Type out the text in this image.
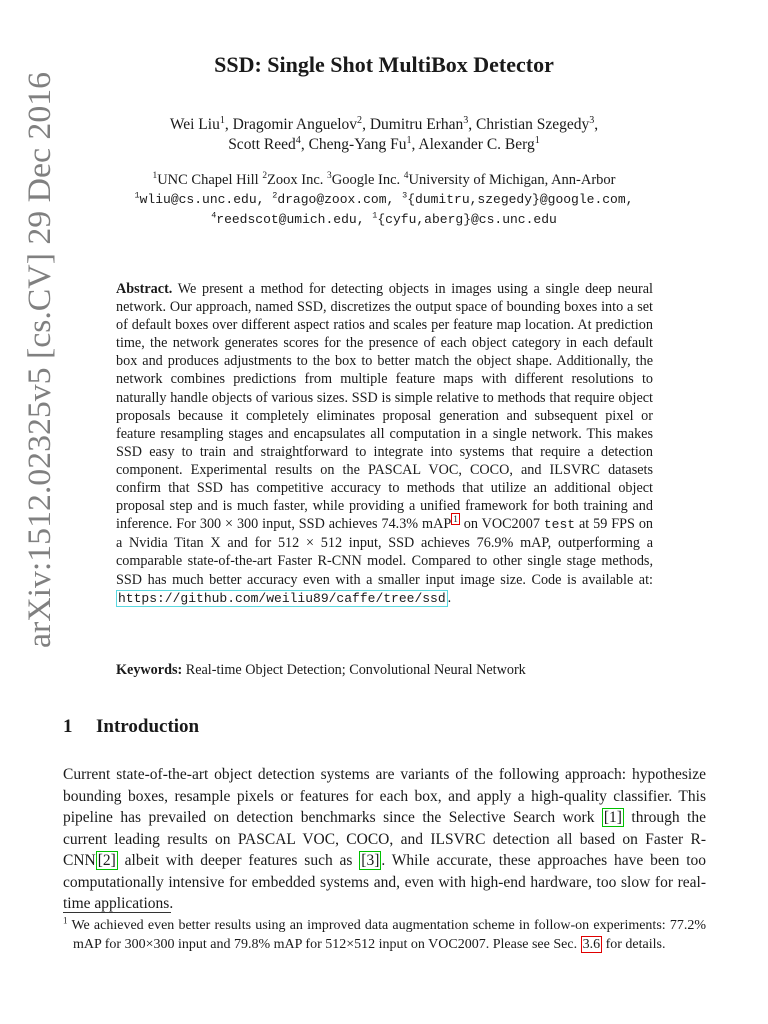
arXiv:1512.02325v5 [cs.CV] 29 Dec 2016
SSD: Single Shot MultiBox Detector
Wei Liu$^1$, Dragomir Anguelov$^2$, Dumitru Erhan$^3$, Christian Szegedy$^3$,
Scott Reed$^4$, Cheng-Yang Fu$^1$, Alexander C. Berg$^1$
$^1$UNC Chapel Hill $^2$Zoox Inc. $^3$Google Inc. $^4$University of Michigan, Ann-Arbor
$^1$wliu@cs.unc.edu, $^2$drago@zoox.com, $^3${dumitru,szegedy}@google.com,
$^4$reedscot@umich.edu, $^1${cyfu,aberg}@cs.unc.edu
Abstract. We present a method for detecting objects in images using a single deep neural network. Our approach, named SSD, discretizes the output space of bounding boxes into a set of default boxes over different aspect ratios and scales per feature map location. At prediction time, the network generates scores for the presence of each object category in each default box and produces adjustments to the box to better match the object shape. Additionally, the network combines predictions from multiple feature maps with different resolutions to naturally handle objects of various sizes. SSD is simple relative to methods that require object proposals because it completely eliminates proposal generation and subsequent pixel or feature resampling stages and encapsulates all computation in a single network. This makes SSD easy to train and straightforward to integrate into systems that require a detection component. Experimental results on the PASCAL VOC, COCO, and ILSVRC datasets confirm that SSD has competitive accuracy to methods that utilize an additional object proposal step and is much faster, while providing a unified framework for both training and inference. For 300 × 300 input, SSD achieves 74.3% mAP $^1$ on VOC2007 test at 59 FPS on a Nvidia Titan X and for 512 × 512 input, SSD achieves 76.9% mAP, outperforming a comparable state-of-the-art Faster R-CNN model. Compared to other single stage methods, SSD has much better accuracy even with a smaller input image size. Code is available at: https://github.com/weiliu89/caffe/tree/ssd .
Keywords: Real-time Object Detection; Convolutional Neural Network
1 Introduction
Current state-of-the-art object detection systems are variants of the following approach: hypothesize bounding boxes, resample pixels or features for each box, and apply a high-quality classifier. This pipeline has prevailed on detection benchmarks since the Selective Search work [1] through the current leading results on PASCAL VOC, COCO, and ILSVRC detection all based on Faster R-CNN [2] albeit with deeper features such as [3] . While accurate, these approaches have been too computationally intensive for embedded systems and, even with high-end hardware, too slow for real-time applications.
$^1$ We achieved even better results using an improved data augmentation scheme in follow-on experiments: 77.2% mAP for 300×300 input and 79.8% mAP for 512×512 input on VOC2007. Please see Sec. 3.6 for details.
